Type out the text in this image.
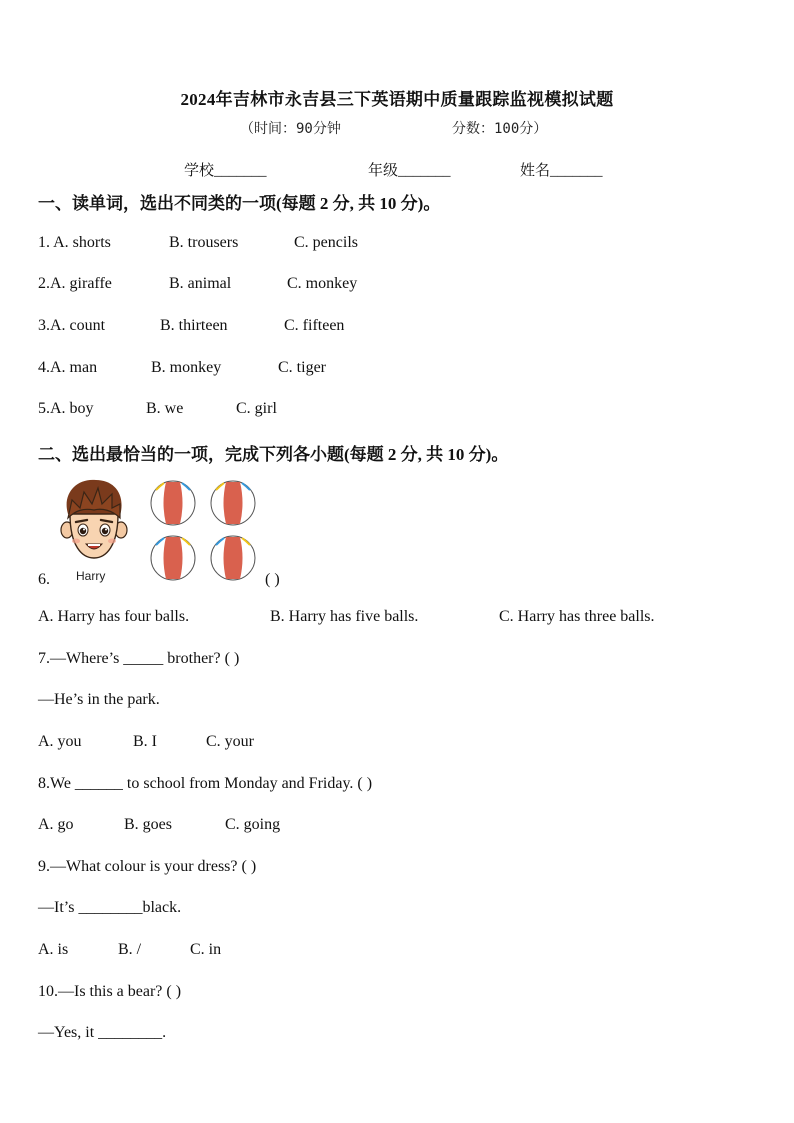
2024年吉林市永吉县三下英语期中质量跟踪监视模拟试题
（时间：90分钟	分数：100分）
学校_______	年级_______	姓名_______
一、读单词，选出不同类的一项(每题 2 分, 共 10 分)。
1. A. shorts	B. trousers	C. pencils
2.A. giraffe	B. animal	C. monkey
3.A. count	B. thirteen	C. fifteen
4.A. man	B. monkey	C. tiger
5.A. boy	B. we	C. girl
二、选出最恰当的一项，完成下列各小题(每题 2 分, 共 10 分)。
Harry
6.	( )
A. Harry has four balls.	B. Harry has five balls.	C. Harry has three balls.
7.—Where’s _____ brother? ( )
—He’s in the park.
A. you	B. I	C. your
8.We ______ to school from Monday and Friday. ( )
A. go	B. goes	C. going
9.—What colour is your dress? ( )
—It’s ________black.
A. is	B. /	C. in
10.—Is this a bear? ( )
—Yes, it ________.
